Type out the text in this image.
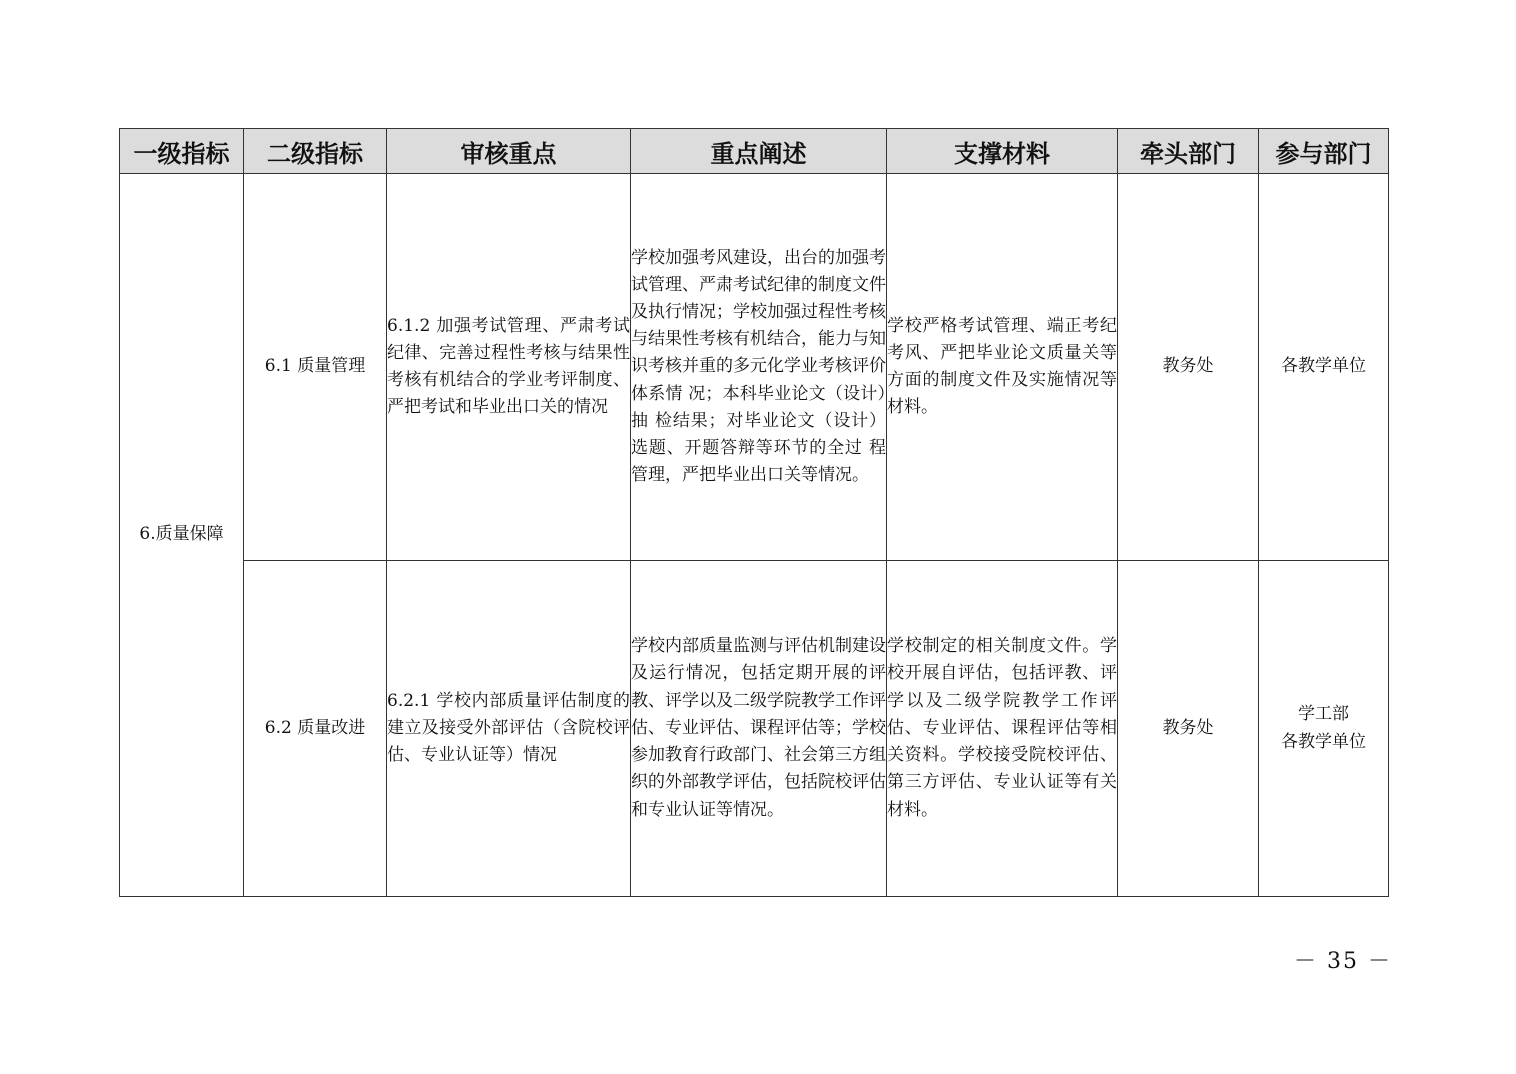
一级指标	二级指标	审核重点	重点阐述	支撑材料	牵头部门	参与部门
6.质量保障	6.1 质量管理	6.1.2 加强考试管理、严肃考试纪律、完善过程性考核与结果性考核有机结合的学业考评制度、严把考试和毕业出口关的情况	学校加强考风建设，出台的加强考试管理、严肃考试纪律的制度文件及执行情况；学校加强过程性考核与结果性考核有机结合，能力与知识考核并重的多元化学业考核评价体系情 况；本科毕业论文（设计）抽 检结果；对毕业论文（设计）选题、开题答辩等环节的全过 程管理，严把毕业出口关等情况。	学校严格考试管理、端正考纪考风、严把毕业论文质量关等方面的制度文件及实施情况等材料。	教务处	各教学单位

	6.2 质量改进	6.2.1 学校内部质量评估制度的建立及接受外部评估（含院校评估、专业认证等）情况	学校内部质量监测与评估机制建设及运行情况，包括定期开展的评教、评学以及二级学院教学工作评估、专业评估、课程评估等；学校参加教育行政部门、社会第三方组织的外部教学评估，包括院校评估和专业认证等情况。	学校制定的相关制度文件。学校开展自评估，包括评教、评学以及二级学院教学工作评估、专业评估、课程评估等相关资料。学校接受院校评估、第三方评估、专业认证等有关材料。	教务处	学工部
各教学单位
－ 35 －
